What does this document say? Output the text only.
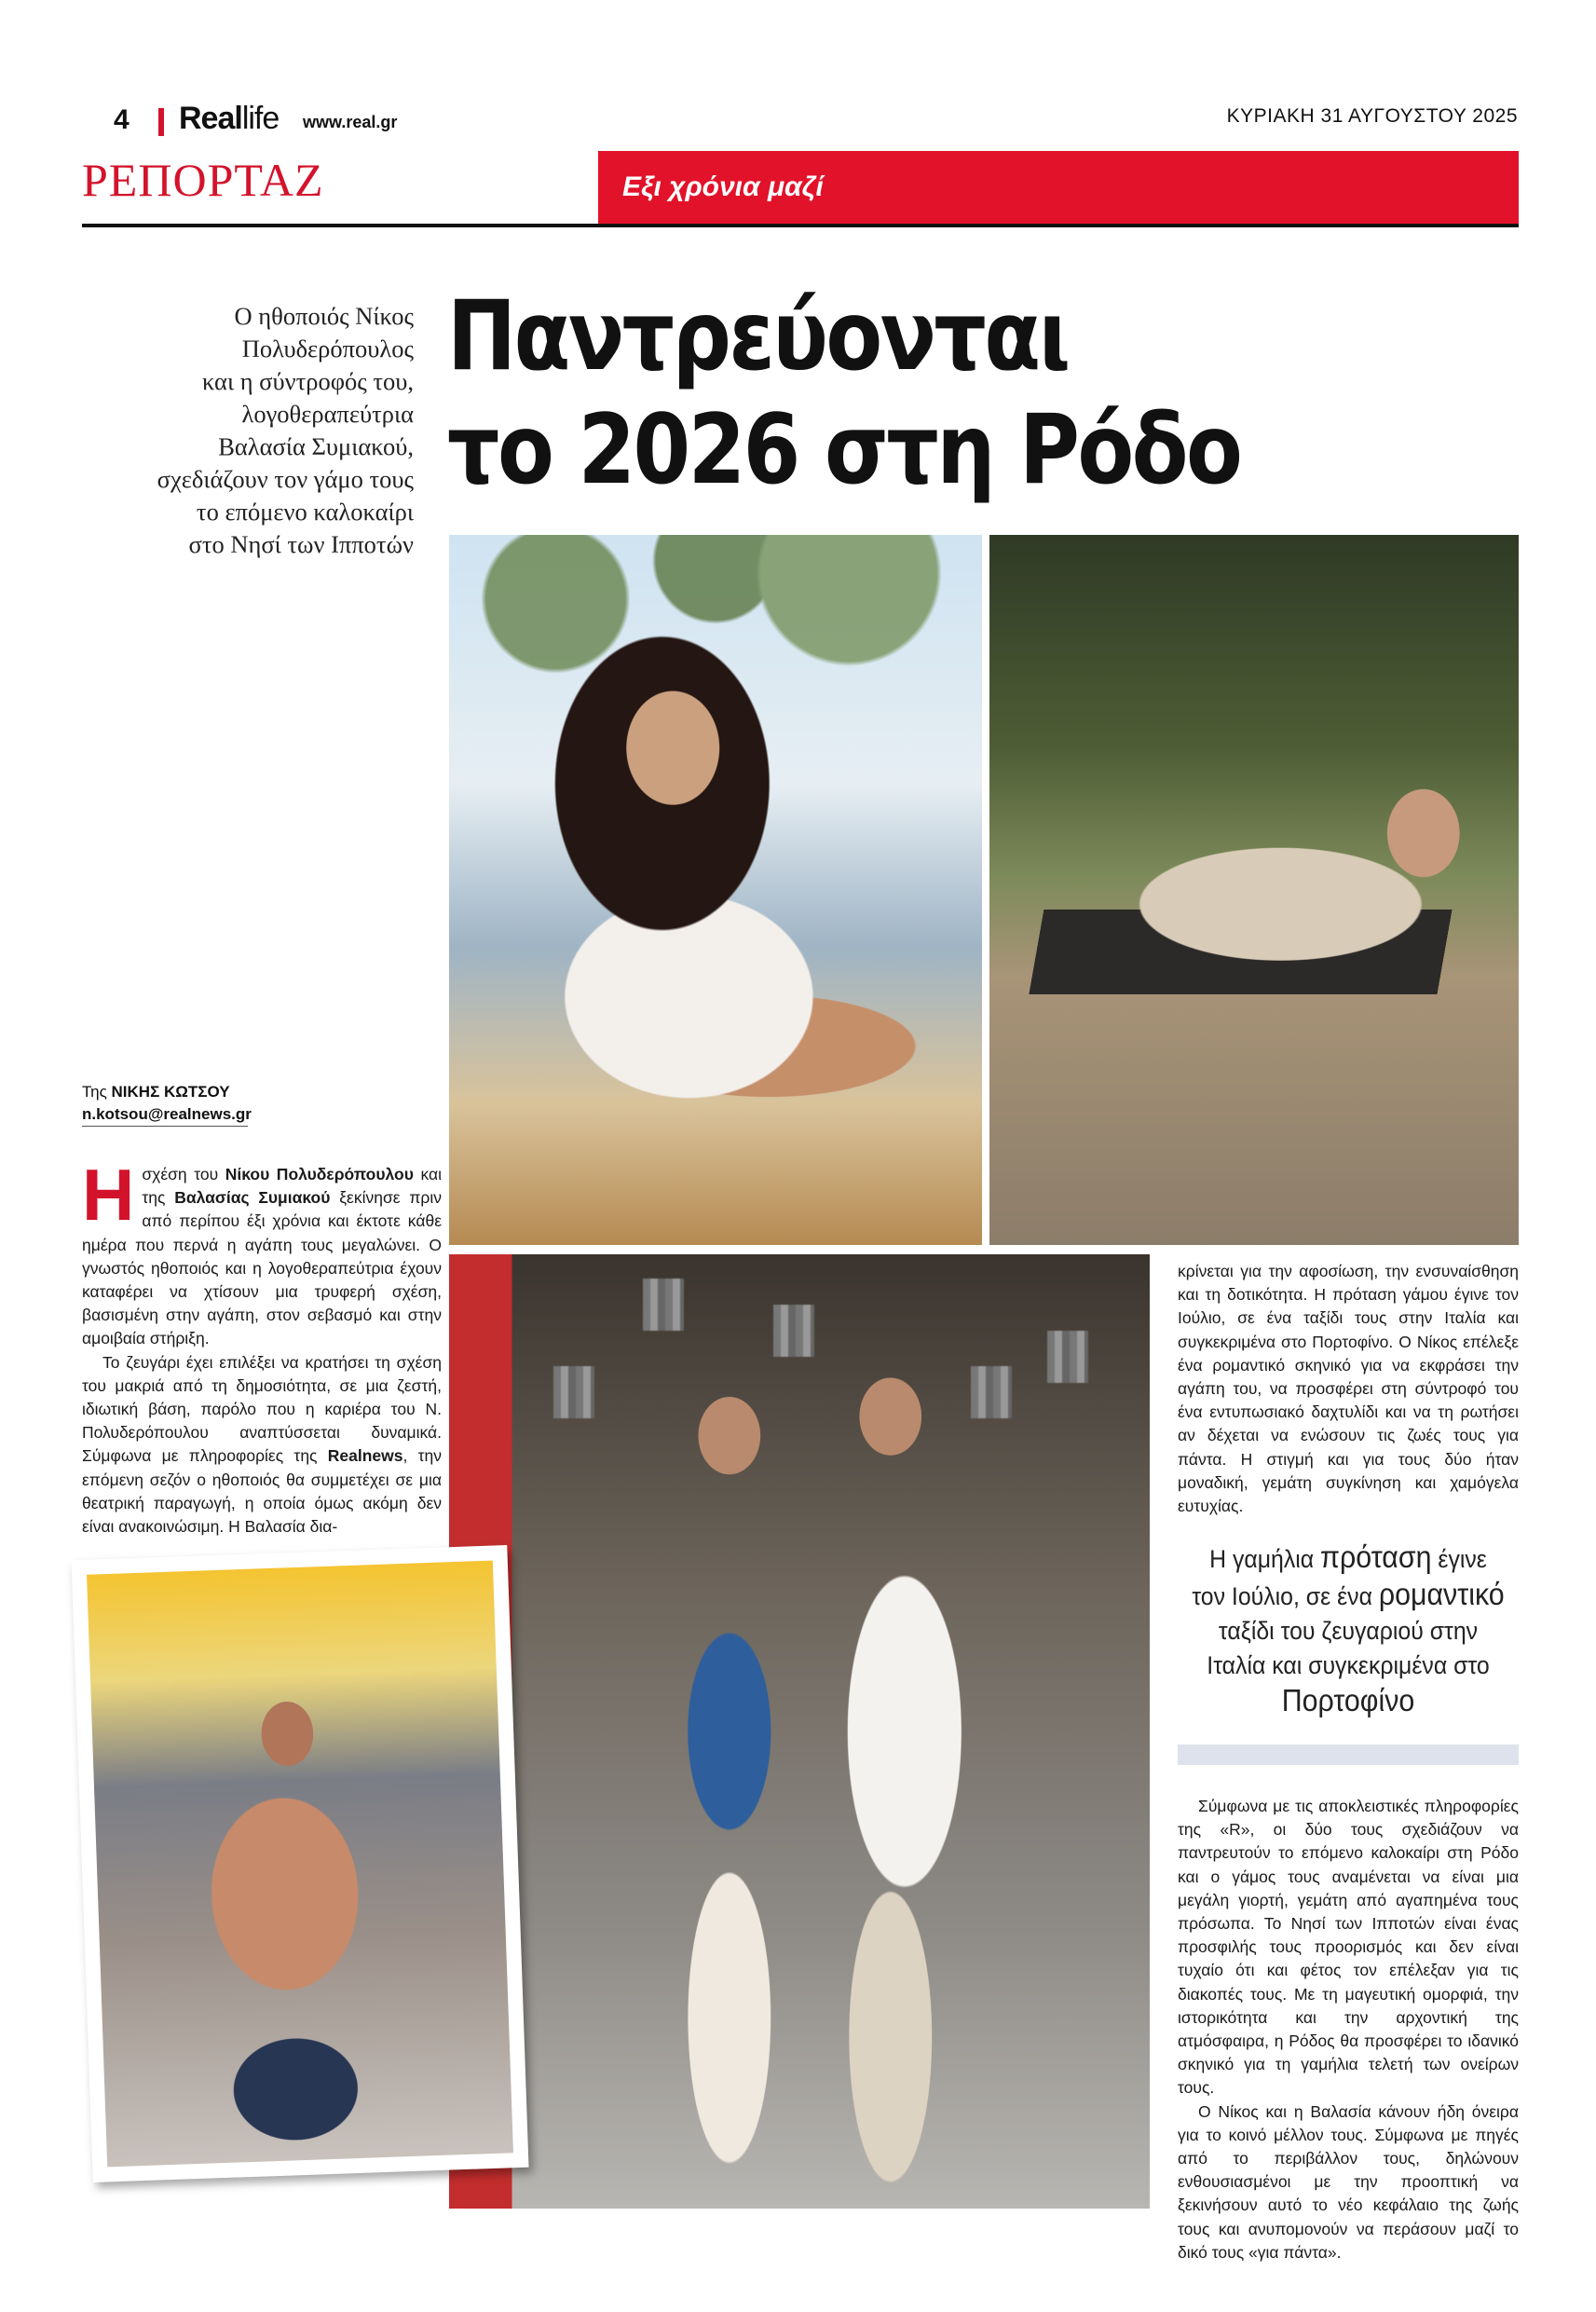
4 Reallife www.real.gr	ΚΥΡΙΑΚΗ 31 ΑΥΓΟΥΣΤΟΥ 2025
ΡΕΠΟΡΤΑΖ	Εξι χρόνια μαζί
Ο ηθοποιός Νίκος
Πολυδερόπουλος
και η σύντροφός του,
λογοθεραπεύτρια
Βαλασία Συμιακού,
σχεδιάζουν τον γάμο τους
το επόμενο καλοκαίρι
στο Νησί των Ιπποτών
Παντρεύονται
το 2026 στη Ρόδο
Της ΝΙΚΗΣ ΚΩΤΣΟΥ
n.kotsou@realnews.gr

Η σχέση του Νίκου Πολυδερόπουλου και της Βαλασίας Συμιακού ξεκίνησε πριν από περίπου έξι χρόνια και έκτοτε κάθε ημέρα που περνά η αγάπη τους μεγαλώνει. Ο γνωστός ηθοποιός και η λογοθεραπεύτρια έχουν καταφέρει να χτίσουν μια τρυφερή σχέση, βασισμένη στην αγάπη, στον σεβασμό και στην αμοιβαία στήριξη.

Το ζευγάρι έχει επιλέξει να κρατήσει τη σχέση του μακριά από τη δημοσιότητα, σε μια ζεστή, ιδιωτική βάση, παρόλο που η καριέρα του Ν. Πολυδερόπουλου αναπτύσσεται δυναμικά. Σύμφωνα με πληροφορίες της Realnews, την επόμενη σεζόν ο ηθοποιός θα συμμετέχει σε μια θεατρική παραγωγή, η οποία όμως ακόμη δεν είναι ανακοινώσιμη. Η Βαλασία δια-

κρίνεται για την αφοσίωση, την ενσυναίσθηση και τη δοτικότητα. Η πρόταση γάμου έγινε τον Ιούλιο, σε ένα ταξίδι τους στην Ιταλία και συγκεκριμένα στο Πορτοφίνο. Ο Νίκος επέλεξε ένα ρομαντικό σκηνικό για να εκφράσει την αγάπη του, να προσφέρει στη σύντροφό του ένα εντυπωσιακό δαχτυλίδι και να τη ρωτήσει αν δέχεται να ενώσουν τις ζωές τους για πάντα. Η στιγμή και για τους δύο ήταν μοναδική, γεμάτη συγκίνηση και χαμόγελα ευτυχίας.

Η γαμήλια πρόταση έγινε τον Ιούλιο, σε ένα ρομαντικό ταξίδι του ζευγαριού στην Ιταλία και συγκεκριμένα στο Πορτοφίνο

Σύμφωνα με τις αποκλειστικές πληροφορίες της «R», οι δύο τους σχεδιάζουν να παντρευτούν το επόμενο καλοκαίρι στη Ρόδο και ο γάμος τους αναμένεται να είναι μια μεγάλη γιορτή, γεμάτη από αγαπημένα τους πρόσωπα. Το Νησί των Ιπποτών είναι ένας προσφιλής τους προορισμός και δεν είναι τυχαίο ότι και φέτος τον επέλεξαν για τις διακοπές τους. Με τη μαγευτική ομορφιά, την ιστορικότητα και την αρχοντική της ατμόσφαιρα, η Ρόδος θα προσφέρει το ιδανικό σκηνικό για τη γαμήλια τελετή των ονείρων τους.

Ο Νίκος και η Βαλασία κάνουν ήδη όνειρα για το κοινό μέλλον τους. Σύμφωνα με πηγές από το περιβάλλον τους, δηλώνουν ενθουσιασμένοι με την προοπτική να ξεκινήσουν αυτό το νέο κεφάλαιο της ζωής τους και ανυπομονούν να περάσουν μαζί το δικό τους «για πάντα».
